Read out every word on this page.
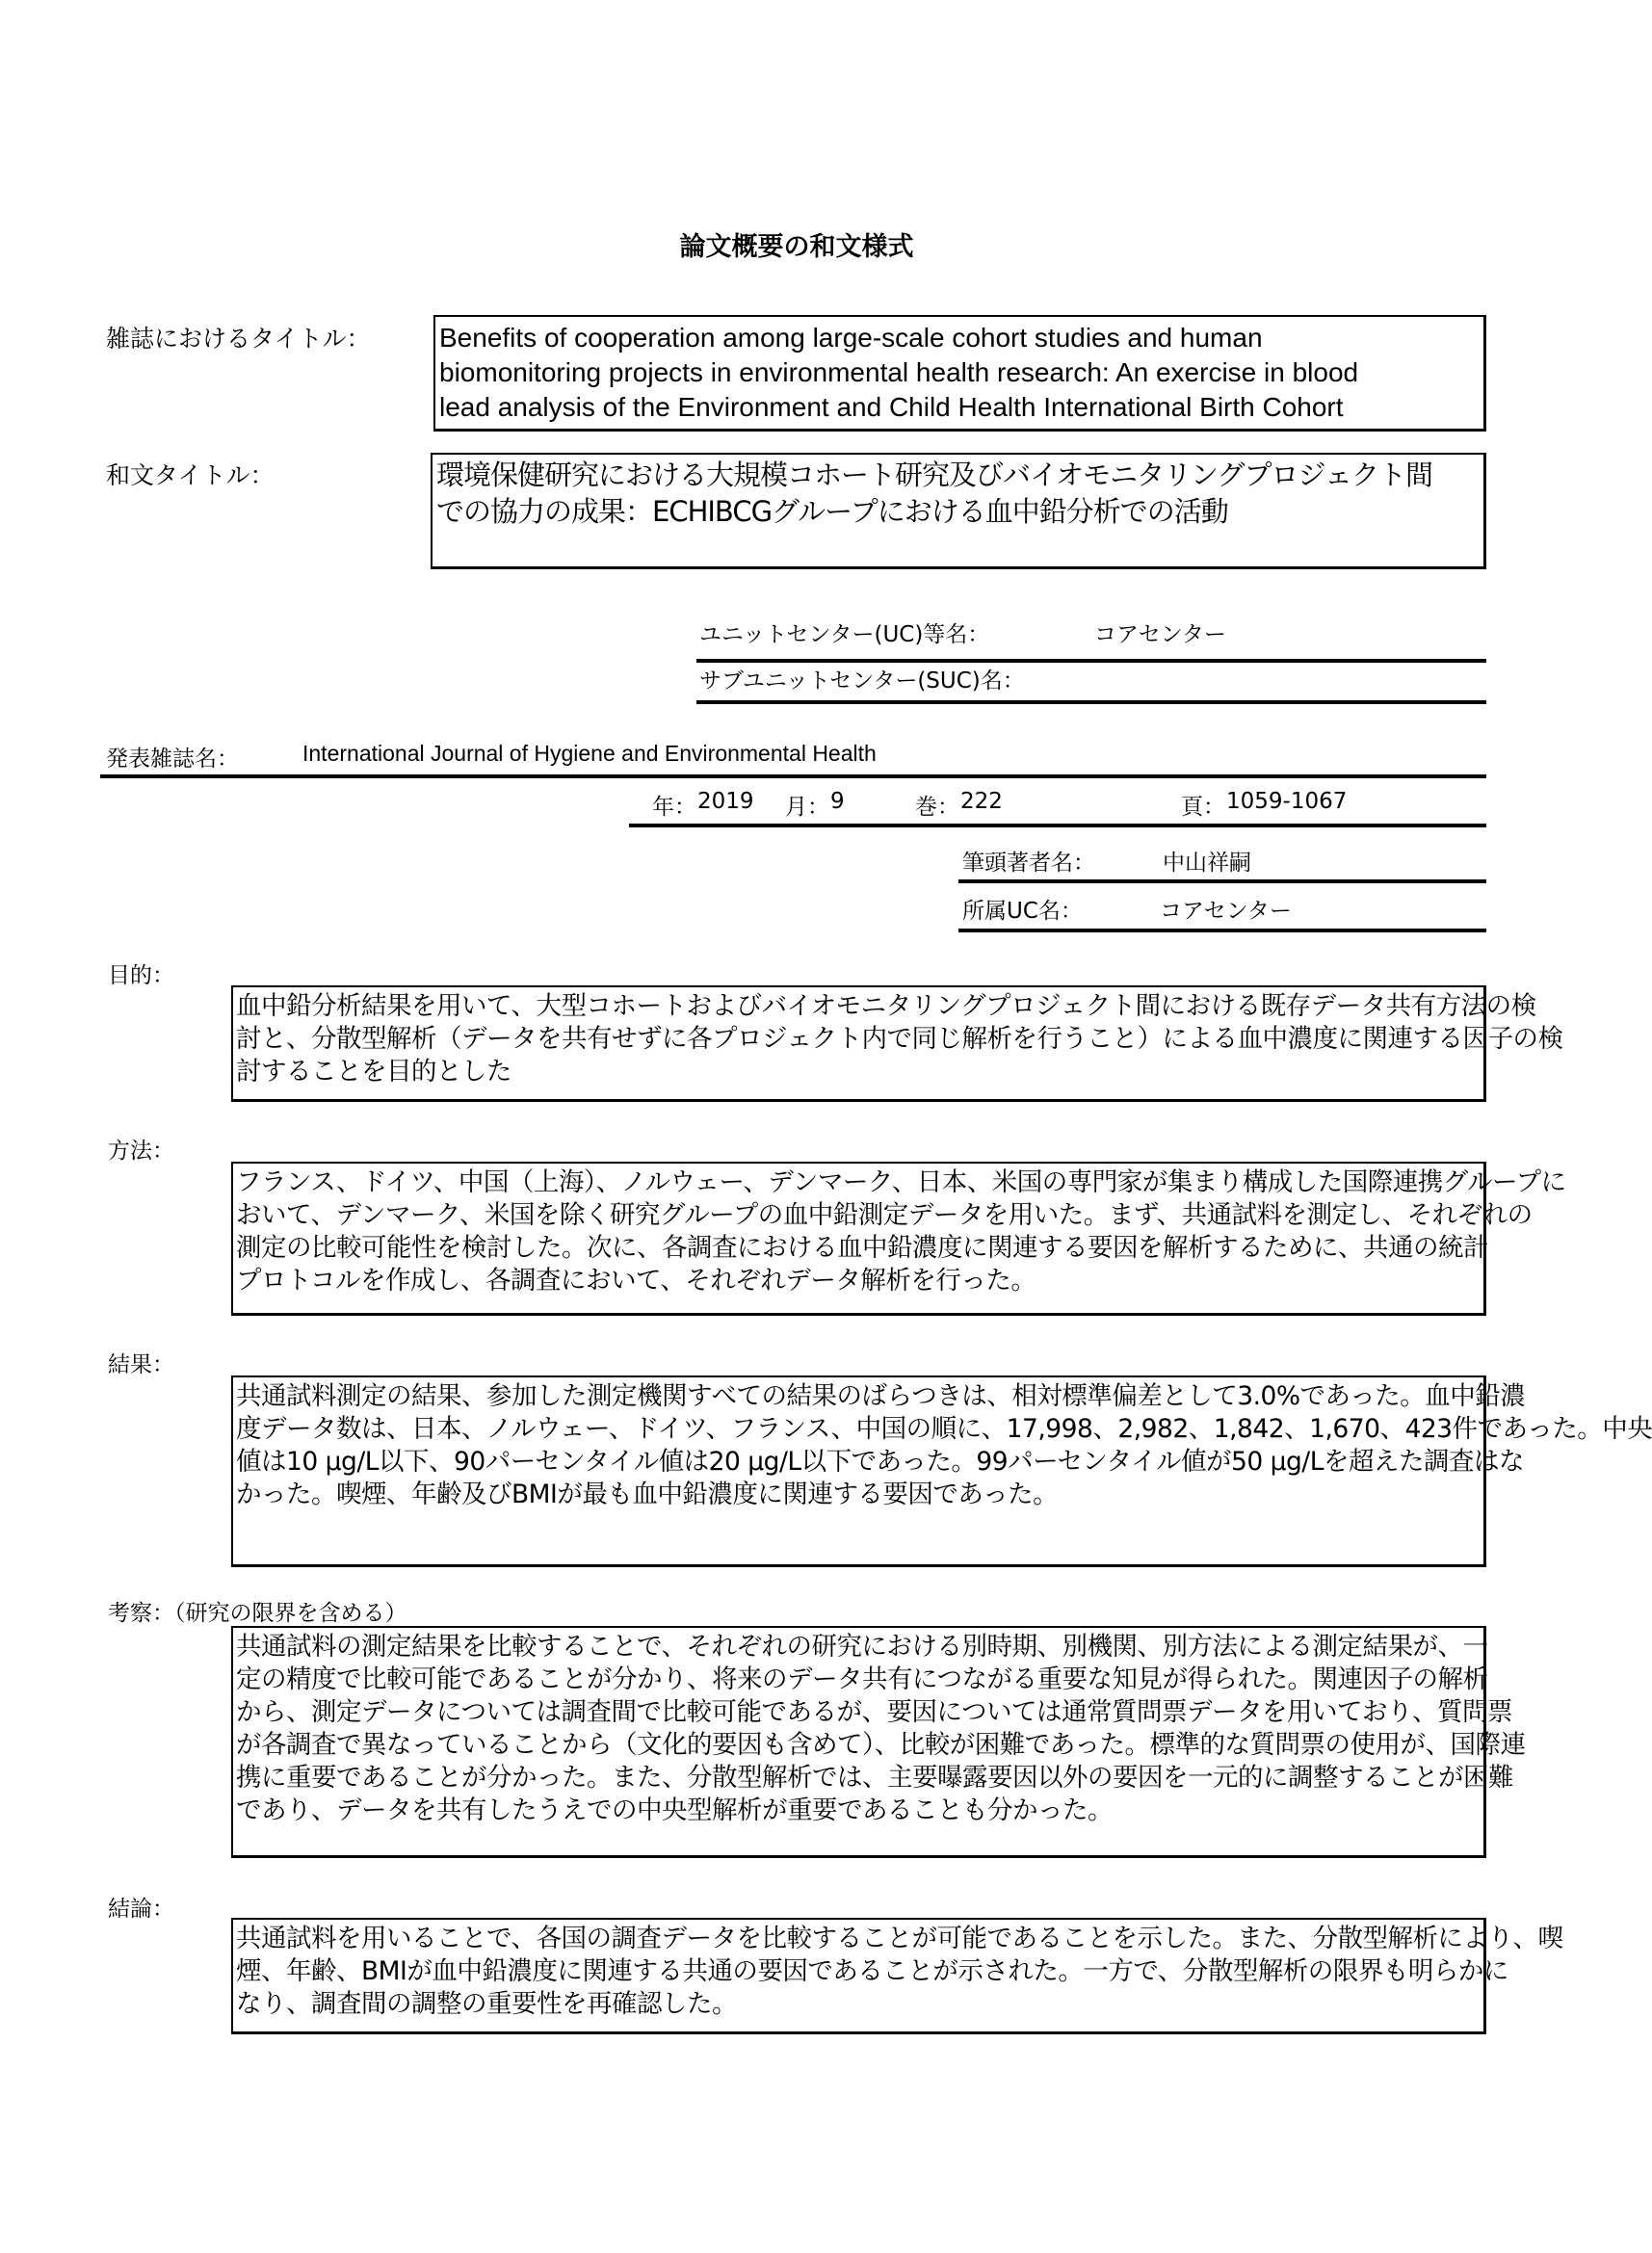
論文概要の和文様式
雑誌におけるタイトル：	Benefits of cooperation among large-scale cohort studies and human
biomonitoring projects in environmental health research: An exercise in blood
lead analysis of the Environment and Child Health International Birth Cohort
和文タイトル：	環境保健研究における大規模コホート研究及びバイオモニタリングプロジェクト間
での協力の成果：ECHIBCGグループにおける血中鉛分析での活動
ユニットセンター(UC)等名：	コアセンター
サブユニットセンター(SUC)名：
発表雑誌名：	International Journal of Hygiene and Environmental Health
年： 2019 月： 9	巻： 222	頁： 1059-1067
筆頭著者名：	中山祥嗣
所属UC名：	コアセンター
目的：
血中鉛分析結果を用いて、大型コホートおよびバイオモニタリングプロジェクト間における既存データ共有方法の検
討と、分散型解析（データを共有せずに各プロジェクト内で同じ解析を行うこと）による血中濃度に関連する因子の検
討することを目的とした
方法：
フランス、ドイツ、中国（上海）、ノルウェー、デンマーク、日本、米国の専門家が集まり構成した国際連携グループに
おいて、デンマーク、米国を除く研究グループの血中鉛測定データを用いた。まず、共通試料を測定し、それぞれの
測定の比較可能性を検討した。次に、各調査における血中鉛濃度に関連する要因を解析するために、共通の統計
プロトコルを作成し、各調査において、それぞれデータ解析を行った。
結果：
共通試料測定の結果、参加した測定機関すべての結果のばらつきは、相対標準偏差として3.0%であった。血中鉛濃
度データ数は、日本、ノルウェー、ドイツ、フランス、中国の順に、17,998、2,982、1,842、1,670、423件であった。中央
値は10 μg/L以下、90パーセンタイル値は20 μg/L以下であった。99パーセンタイル値が50 μg/Lを超えた調査はな
かった。喫煙、年齢及びBMIが最も血中鉛濃度に関連する要因であった。
考察：（研究の限界を含める）
共通試料の測定結果を比較することで、それぞれの研究における別時期、別機関、別方法による測定結果が、一
定の精度で比較可能であることが分かり、将来のデータ共有につながる重要な知見が得られた。関連因子の解析
から、測定データについては調査間で比較可能であるが、要因については通常質問票データを用いており、質問票
が各調査で異なっていることから（文化的要因も含めて）、比較が困難であった。標準的な質問票の使用が、国際連
携に重要であることが分かった。また、分散型解析では、主要曝露要因以外の要因を一元的に調整することが困難
であり、データを共有したうえでの中央型解析が重要であることも分かった。
結論：
共通試料を用いることで、各国の調査データを比較することが可能であることを示した。また、分散型解析により、喫
煙、年齢、BMIが血中鉛濃度に関連する共通の要因であることが示された。一方で、分散型解析の限界も明らかに
なり、調査間の調整の重要性を再確認した。
